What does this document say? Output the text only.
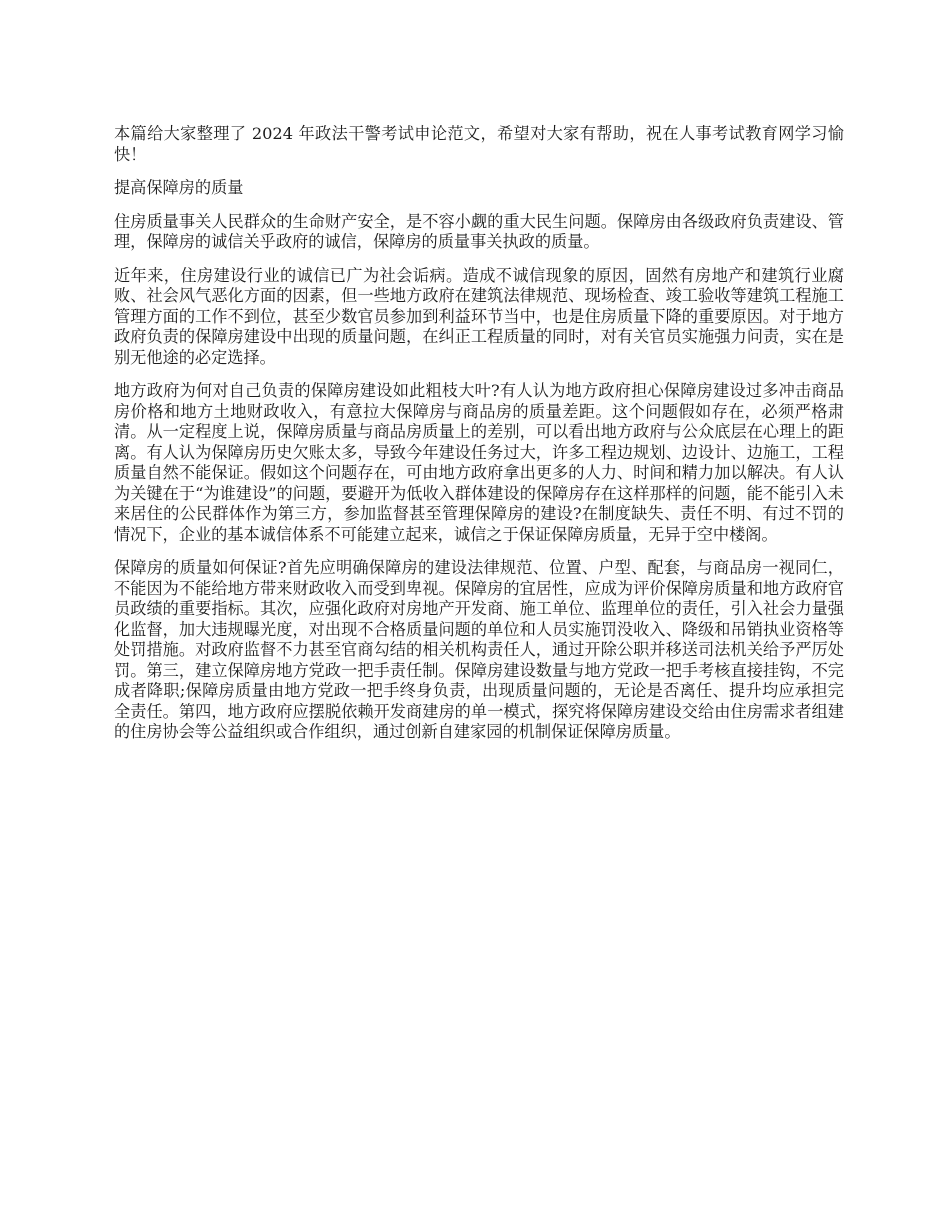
本篇给大家整理了 2024 年政法干警考试申论范文，希望对大家有帮助，祝在人事考试教育网学习愉快！

提高保障房的质量

住房质量事关人民群众的生命财产安全，是不容小觑的重大民生问题。保障房由各级政府负责建设、管理，保障房的诚信关乎政府的诚信，保障房的质量事关执政的质量。

近年来，住房建设行业的诚信已广为社会诟病。造成不诚信现象的原因，固然有房地产和建筑行业腐败、社会风气恶化方面的因素，但一些地方政府在建筑法律规范、现场检查、竣工验收等建筑工程施工管理方面的工作不到位，甚至少数官员参加到利益环节当中，也是住房质量下降的重要原因。对于地方政府负责的保障房建设中出现的质量问题，在纠正工程质量的同时，对有关官员实施强力问责，实在是别无他途的必定选择。

地方政府为何对自己负责的保障房建设如此粗枝大叶?有人认为地方政府担心保障房建设过多冲击商品房价格和地方土地财政收入，有意拉大保障房与商品房的质量差距。这个问题假如存在，必须严格肃清。从一定程度上说，保障房质量与商品房质量上的差别，可以看出地方政府与公众底层在心理上的距离。有人认为保障房历史欠账太多，导致今年建设任务过大，许多工程边规划、边设计、边施工，工程质量自然不能保证。假如这个问题存在，可由地方政府拿出更多的人力、时间和精力加以解决。有人认为关键在于“为谁建设”的问题，要避开为低收入群体建设的保障房存在这样那样的问题，能不能引入未来居住的公民群体作为第三方，参加监督甚至管理保障房的建设?在制度缺失、责任不明、有过不罚的情况下，企业的基本诚信体系不可能建立起来，诚信之于保证保障房质量，无异于空中楼阁。

保障房的质量如何保证?首先应明确保障房的建设法律规范、位置、户型、配套，与商品房一视同仁，不能因为不能给地方带来财政收入而受到卑视。保障房的宜居性，应成为评价保障房质量和地方政府官员政绩的重要指标。其次，应强化政府对房地产开发商、施工单位、监理单位的责任，引入社会力量强化监督，加大违规曝光度，对出现不合格质量问题的单位和人员实施罚没收入、降级和吊销执业资格等处罚措施。对政府监督不力甚至官商勾结的相关机构责任人，通过开除公职并移送司法机关给予严厉处罚。第三，建立保障房地方党政一把手责任制。保障房建设数量与地方党政一把手考核直接挂钩，不完成者降职;保障房质量由地方党政一把手终身负责，出现质量问题的，无论是否离任、提升均应承担完全责任。第四，地方政府应摆脱依赖开发商建房的单一模式，探究将保障房建设交给由住房需求者组建的住房协会等公益组织或合作组织，通过创新自建家园的机制保证保障房质量。
